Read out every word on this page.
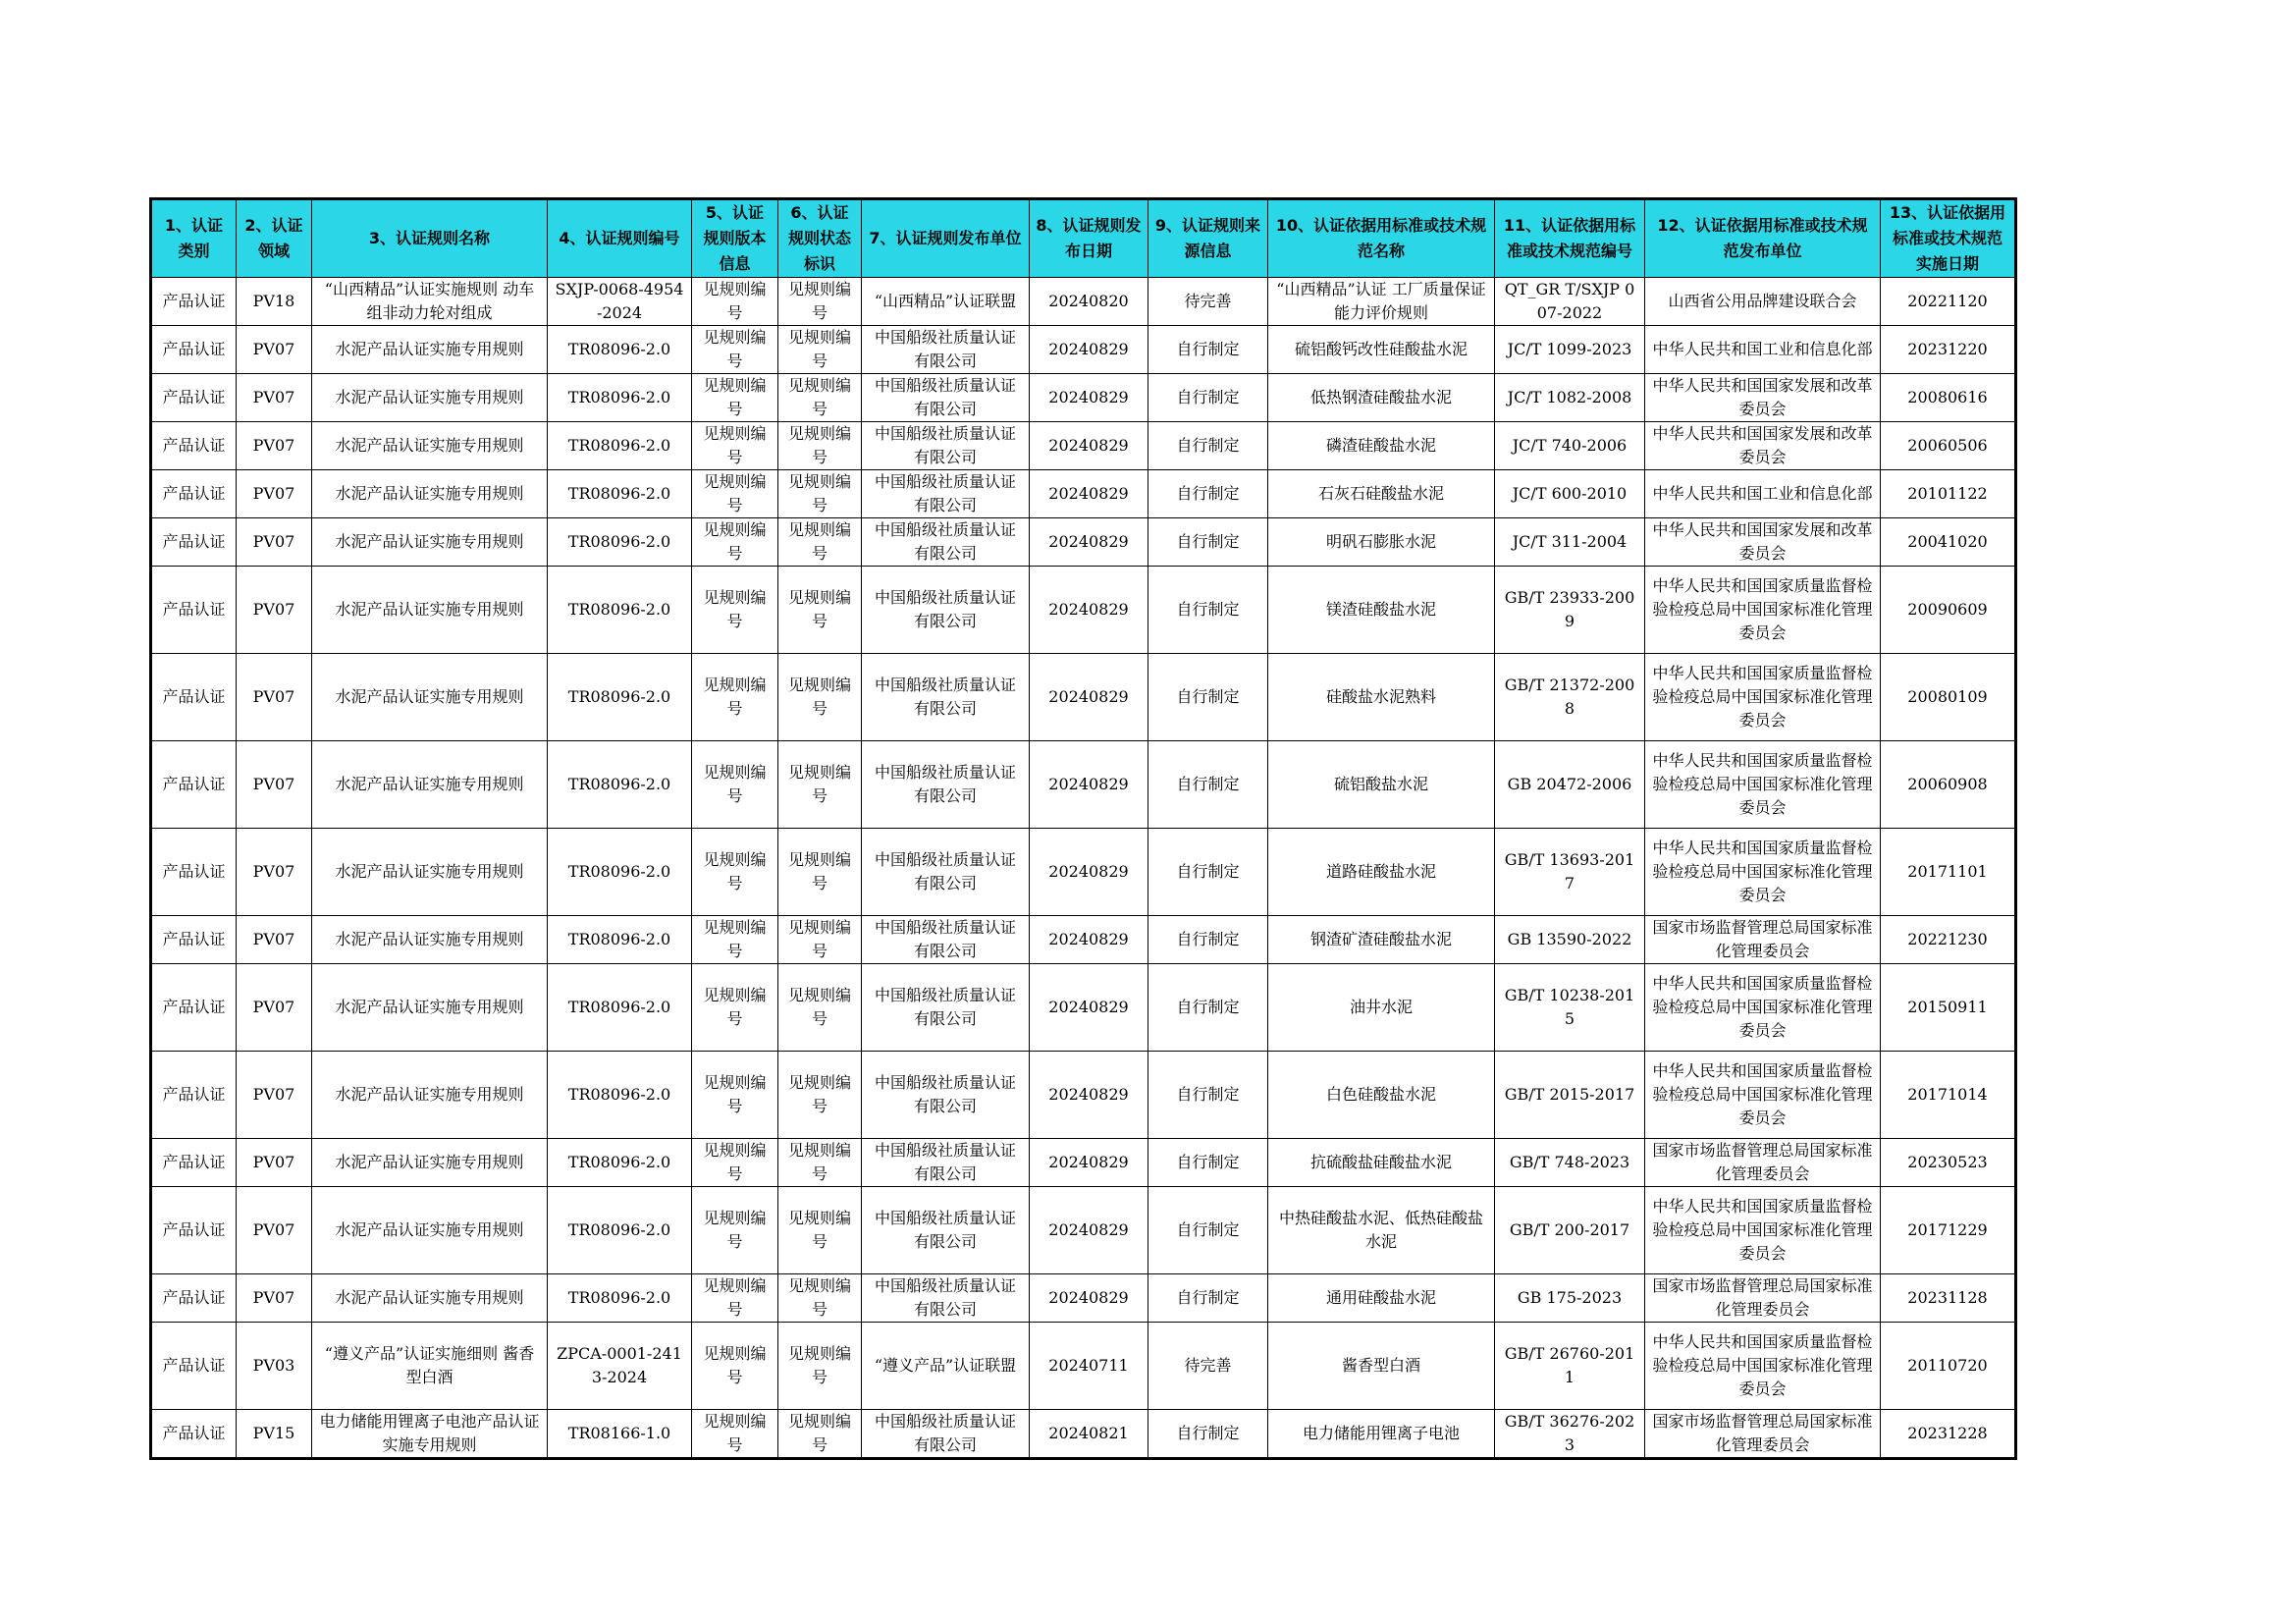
1、认证类别	2、认证领域	3、认证规则名称	4、认证规则编号	5、认证规则版本信息	6、认证规则状态标识	7、认证规则发布单位	8、认证规则发布日期	9、认证规则来源信息	10、认证依据用标准或技术规范名称	11、认证依据用标准或技术规范编号	12、认证依据用标准或技术规范发布单位	13、认证依据用标准或技术规范实施日期
产品认证	PV18	“山西精品”认证实施规则 动车组非动力轮对组成	SXJP-0068-4954-2024	见规则编号	见规则编号	“山西精品”认证联盟	20240820	待完善	“山西精品”认证 工厂质量保证能力评价规则	QT_GR T/SXJP 007-2022	山西省公用品牌建设联合会	20221120
产品认证	PV07	水泥产品认证实施专用规则	TR08096-2.0	见规则编号	见规则编号	中国船级社质量认证有限公司	20240829	自行制定	硫铝酸钙改性硅酸盐水泥	JC/T 1099-2023	中华人民共和国工业和信息化部	20231220
产品认证	PV07	水泥产品认证实施专用规则	TR08096-2.0	见规则编号	见规则编号	中国船级社质量认证有限公司	20240829	自行制定	低热钢渣硅酸盐水泥	JC/T 1082-2008	中华人民共和国国家发展和改革委员会	20080616
产品认证	PV07	水泥产品认证实施专用规则	TR08096-2.0	见规则编号	见规则编号	中国船级社质量认证有限公司	20240829	自行制定	磷渣硅酸盐水泥	JC/T 740-2006	中华人民共和国国家发展和改革委员会	20060506
产品认证	PV07	水泥产品认证实施专用规则	TR08096-2.0	见规则编号	见规则编号	中国船级社质量认证有限公司	20240829	自行制定	石灰石硅酸盐水泥	JC/T 600-2010	中华人民共和国工业和信息化部	20101122
产品认证	PV07	水泥产品认证实施专用规则	TR08096-2.0	见规则编号	见规则编号	中国船级社质量认证有限公司	20240829	自行制定	明矾石膨胀水泥	JC/T 311-2004	中华人民共和国国家发展和改革委员会	20041020
产品认证	PV07	水泥产品认证实施专用规则	TR08096-2.0	见规则编号	见规则编号	中国船级社质量认证有限公司	20240829	自行制定	镁渣硅酸盐水泥	GB/T 23933-2009	中华人民共和国国家质量监督检验检疫总局中国国家标准化管理委员会	20090609
产品认证	PV07	水泥产品认证实施专用规则	TR08096-2.0	见规则编号	见规则编号	中国船级社质量认证有限公司	20240829	自行制定	硅酸盐水泥熟料	GB/T 21372-2008	中华人民共和国国家质量监督检验检疫总局中国国家标准化管理委员会	20080109
产品认证	PV07	水泥产品认证实施专用规则	TR08096-2.0	见规则编号	见规则编号	中国船级社质量认证有限公司	20240829	自行制定	硫铝酸盐水泥	GB 20472-2006	中华人民共和国国家质量监督检验检疫总局中国国家标准化管理委员会	20060908
产品认证	PV07	水泥产品认证实施专用规则	TR08096-2.0	见规则编号	见规则编号	中国船级社质量认证有限公司	20240829	自行制定	道路硅酸盐水泥	GB/T 13693-2017	中华人民共和国国家质量监督检验检疫总局中国国家标准化管理委员会	20171101
产品认证	PV07	水泥产品认证实施专用规则	TR08096-2.0	见规则编号	见规则编号	中国船级社质量认证有限公司	20240829	自行制定	钢渣矿渣硅酸盐水泥	GB 13590-2022	国家市场监督管理总局国家标准化管理委员会	20221230
产品认证	PV07	水泥产品认证实施专用规则	TR08096-2.0	见规则编号	见规则编号	中国船级社质量认证有限公司	20240829	自行制定	油井水泥	GB/T 10238-2015	中华人民共和国国家质量监督检验检疫总局中国国家标准化管理委员会	20150911
产品认证	PV07	水泥产品认证实施专用规则	TR08096-2.0	见规则编号	见规则编号	中国船级社质量认证有限公司	20240829	自行制定	白色硅酸盐水泥	GB/T 2015-2017	中华人民共和国国家质量监督检验检疫总局中国国家标准化管理委员会	20171014
产品认证	PV07	水泥产品认证实施专用规则	TR08096-2.0	见规则编号	见规则编号	中国船级社质量认证有限公司	20240829	自行制定	抗硫酸盐硅酸盐水泥	GB/T 748-2023	国家市场监督管理总局国家标准化管理委员会	20230523
产品认证	PV07	水泥产品认证实施专用规则	TR08096-2.0	见规则编号	见规则编号	中国船级社质量认证有限公司	20240829	自行制定	中热硅酸盐水泥、低热硅酸盐水泥	GB/T 200-2017	中华人民共和国国家质量监督检验检疫总局中国国家标准化管理委员会	20171229
产品认证	PV07	水泥产品认证实施专用规则	TR08096-2.0	见规则编号	见规则编号	中国船级社质量认证有限公司	20240829	自行制定	通用硅酸盐水泥	GB 175-2023	国家市场监督管理总局国家标准化管理委员会	20231128
产品认证	PV03	“遵义产品”认证实施细则 酱香型白酒	ZPCA-0001-2413-2024	见规则编号	见规则编号	“遵义产品”认证联盟	20240711	待完善	酱香型白酒	GB/T 26760-2011	中华人民共和国国家质量监督检验检疫总局中国国家标准化管理委员会	20110720
产品认证	PV15	电力储能用锂离子电池产品认证实施专用规则	TR08166-1.0	见规则编号	见规则编号	中国船级社质量认证有限公司	20240821	自行制定	电力储能用锂离子电池	GB/T 36276-2023	国家市场监督管理总局国家标准化管理委员会	20231228
